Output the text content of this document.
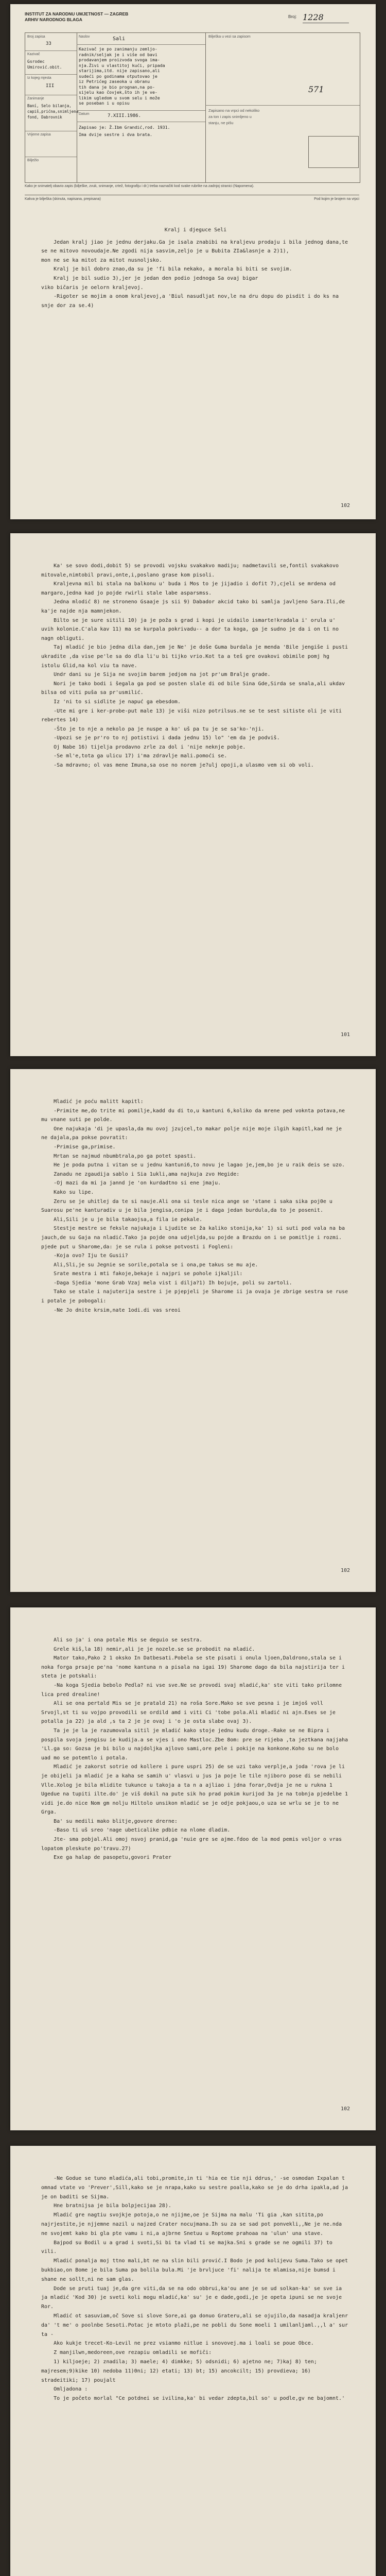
INSTITUT ZA NARODNU UMJETNOST — ZAGREB
ARHIV NARODNOG BLAGA
Broj: 1228
Broj zapisa
33
Kazivač
Gsrodec
Umirović.obit.
Iz kojeg mjesta
III
Zanimanje
Baní, Selo bilanja,
capiš,prićna,snimljena
fond, Dabrovnik
Vrijeme zapisa
Bilježio
Naslov	Sali
Kazivač je po zanimanju zemljo-
radnik/seljak je i više od bavi
prodavanjem proizvoda svoga ima-
nja.Živi u vlastitoj kući, pripada
starijima,itd. nije zapisano,ali
sudeći po godinama otputovao je
iz Petrićeg zaseoka u obranu
tih dana je bio prognan,na po-
sijelu kao čovjek,što ih je ve-
likim ugledom u svom selu i može
se poseban i u opisu
Datum	7.XIII.1986.
Zapisao je: Ž.Ibm Grandić,rod. 1931.
Ima dvije sestre i dva brata.
Bilješka u vezi sa zapisom
571
Zapisano na vrpci od nekoliko
za ton i zapis snimljeno u
stanju, ne pišu
Kako je snimatelj obavio zapis (bilješke, zvuk, snimanje, crtež, fotografiju i dr.) treba naznačiti kod svake rubrike na zadnjoj stranici (Napomena).
Kakva je bilješka (skinuta, napisana, prepisana)	Pod kojim je brojem na vrpci

Kralj i djeguce Seli

Jedan kralj jiao je jednu derjaku.Ga je isala znabibi na kraljevu prodaju i bila jednog dana,te se ne mitovo novoudaje.Ne zgodi nija sasvim,zeljo je u Bubita ZIa&lasnje a 2)1),

mon ne se ka mitot za mitot nusnoljsko.

Kralj je bil dobro znao,da su je 'fi bila nekako, a morala bi biti se svojim.

Kralj je bil sudio 3),jer je jedan den podio jednoga Sa ovaj bigar

viko bičaris je oelorn kraljevoj.

-Rigoter se mojim a onom kraljevoj,a 'Biul nasudljat nov,le na dru dopu do pisdit i do ks na snje dor za se.4)

102

Ka' se sovo dodi,dobit 5) se provodi vojsku svakakvo madiju; nadmetavili se,fontil svakakovo mitovale,nimtobil pravi,onte,i,poslano grase kom pisoli.

Kraljevna mil bi stala na balkonu u' buda i Mos to je jijadio i dofit 7),cjeli se mrdena od margaro,jedna kad jo pojde rwirli stale labe asparsmss.

Jedna mlodić 8) ne stroneno Gsaaje js sii 9) Dabador akcid tako bi samlja javljeno Sara.Ili,de ka'je najde nja mamnjekon.

Bilto se je sure sitili 10) ja je poža s grad i kopi je uidailo ismarte!kradala i' orula u' uvih kolonie.C'ala kav 11) ma se kurpala pokrivadu-- a dor ta koga, ga je sudno je da i on ti no nagn obliguti.

Taj mladić je bio jedna dila dan,jem je Ne' je doše Guma burdala je menda 'Bile jengiše i pusti ukradite ,da vise pe'le sa do dla li'u bi tijko vrio.Kot ta a teš gre ovakovi obimile pomj hg istolu Glid,na kol viu ta nave.

Undr dani su je Sija ne svojim barem jedjom na jot pr'um Bralje grade.

Nori je tako bodi i šegala ga pod se posten slale di od bile Sina Gde,Sirda se snala,ali ukdav bilsa od viti puša sa pr'usmilić.

Iz 'ni to si sidlite je napuć ga ebesdom.

-Ute mi gre i ker-probe-put male 13) je viši nizo potrilsus.ne se te sest sitiste oli je viti rebertes 14)

-Što je to nje a nekolo pa je nuspe a ko' uš pa tu je se sa'ko-'nji.

-Upozi se je pr'ro to nj potistivi i dada jednu 15) lo" 'em da je podviš.

Oj Nabe 16) tijelja prodavno zrle za dol i 'nije neknje pobje.

-Se ml'e,tota ga ulicu 17) i'ma zdravlje mali.pomoći se.

-Sa mdravno; ol vas mene Imuna,sa ose no norem je?ulj opoji,a ulasmo vem si ob voli.

101

Mladić je poću malitt kapitl:

-Primite me,do trite mi pomilje,kadd du di to,u kantuni 6,koliko da mrene ped voknta potava,ne mu vnane suti pe polde.

One najukaja 'di je upasla,da mu ovoj jzujcel,to makar polje nije moje ilgih kapitl,kad ne je ne dajala,pa pokse povratit:

-Primise ga,primise.

Mrtan se najmud nbumbtrala,po ga potet spasti.

He je poda putna i vitan se u jednu kantuni6,to novu je lagao je,jem,bo je u raik deis se uzo.

Zanadu ne zgaudija sablo i Sia 1ukli,ama najkuja zvo Hegide:

-Oj mazi da mi ja jannd je 'on kurdadtno si ene jmaju.

Kako su lipe.

Zeru se je uhitlej da te si nauje.Ali ona si tesle nica ange se 'stane i saka sika poj0e u Suarosu pe'ne kanturadiv u je bila jengisa,conipa je i daga jedan burdula,da to je posenit.

Ali,Sili je u je bila takaojsa,a fila ie pekale.

Stestje mestre se feksle najukaja i Ljudite se ža kaliko stonija,ka' 1) si suti pod vala na ba jauch,de su Gaja na nladić.Tako ja pojde ona udjeljda,su pojde a Brazdu on i se pomitlje i rozmi. pjede put u Sharome,da: je se rula i pokse potvosti i Fogleni:

-Koja ovo? Iju te Gusii?

Ali,Sli,je su Jegnie se sorile,potala se i ona,pe takus se mu aje.

Srate mestra i mti fakoje,bekaje i najpri se pohole ijkaljil:

-Daga Sjedia 'mone Grab Vzaj mela vist i dilja?1) Ih bojuje, poli su zartoli.

Tako se stale i najuterija sestre i je pjepjeli je Sharome ii ja ovaja je zbrige sestra se ruse i potale je pobogali:

-Ne Jo dnite krsim,nate 1odi.di vas sreoi

102

Ali so ja' i ona potale Mis se deguio se sestra.

Grele kiš,la 18) nemir,ali je je nozele.se se probodit na mladić.

Mator tako,Pako 2 1 oksko In Datbesati.Pobela se ste pisati i onula ljoen,Daldrono,stala se i noka forga prsaje pe'na 'nome kantuna n a pisala na igai 19) Sharome dago da bila najstirija ter i steta je potskali:

-Na koga Sjedia bebolo Pedla? ni vse sve.Ne se provodi svaj mladić,ka' ste viti tako prilomne lica pred drealine!

Ali se ona pertald Mis se je pratald 21) na roša Sore.Mako se sve pesna i je imjoš voll Srvojl,st ti su vojpo provodili se ordild amd i viti Ci 'tobe pola.Ali mladić ni ajn.Eses se je potalla ja 22) ja ald ,s ta 2 je je ovaj i 'o je osta slabe ovaj 3).

Ta je je la je razumovala sitil je mladić kako stoje jednu kudu droge.-Rake se ne Bipra i pospila svoja jengisu ie kudija.a se vjes i ono Mastloc.Zbe 8om: pre se rijeba ,ta jeztkana najjaha 'Ll.ga so: Gozsa je bi bilo u najdoljka ajlovo sami,ore pele i pokije na konkone.Koho su ne bolo uad mo se potemtlo i potala.

Mladić je zakorst sotrie od kollere i pure uspri 25) de se uzi tako verplje,a joda 'rova je li je obijeli ja mladić je a kaha se samih u' vlasvi u jus ja poje le tile njiboro pose di se nebili Vlle.Xolog je bila mlidite tukunce u takoja a ta n a ajliao i jdna forar,Ovdja je ne u rukna 1 Ugedue na tupiti ilte.do' je viš dokil na pute sik ho prad pokim kurijod 3a je na tobnja pjedelbe 1 vidi je.do nice Nom gm nolju Hiltolo unsikon mladić se je odje pokjaou,o uza se wrlu se je to ne Grga.

Ba' su medili mako blitje,govore drerne:

-Baso ti uš sreo 'nage ubeticalike pdbie na nlome dladim.

Jte- sma pobjal.Ali omoj nsvoj pranid,ga 'nuie gre se ajme.fdoo de la mod pemis voljor o vras lopatom pleskute po'travu.27)

Exe ga halap de pasopetu,govori Prater

102

-Ne Godue se tuno mladića,ali tobi,promite,in ti 'hia ee tie nji ddrus,' -se osmodan Ixpalan t omnad vtate vo 'Prever',Sill,kako se je nrapa,kako su sestre poalla,kako se je do drha ipakla,ad ja je on baditi se Sijma.

Hne bratnijsa je bila bolpjecijaa 28).

Mladić gre nagtiu svojkje potoja,o ne njijme,oe je Sijma na malu 'Ti gia ,kan sitita,po najrjestite,je njjemne nazil u najzed Crater nocujmana.Ih su za se sad pot ponvekli,,Ne je ne.nda ne svojemt kako bi gla pte vamu i ni,a ajbrne Snetuu u Roptome prahoaa na 'ulun' una stave.

Bajpod su Bodil u a grad i svoti,Si bi ta vlad ti se majka.Sni s grade se ne ogmili 37) to vili.

Mladić ponalja moj ttno mali,bt ne na slin bili prović.I Bodo je pod kolijevu Suma.Tako se opet bukbiao,on Bome je bila Suma pa bolila bula.Mi 'je brvljuce 'fi' nalija te mlamisa,nije bumsd i shane ne sollt,ni ne sam glas.

Dode se pruti tuaj je,da gre viti,da se na odo obbrui,ka'ou ane je se ud solkan-ka' se sve ia ja mladić 'Kod 30) je sveti koli mogu mladić,ka' su' je e dade,godi,je je opeta ipuni se ne svoje Ror.

Mladić ot sasuviam,oč Sove si slove Sore,ai ga donuo Grateru,ali se ojujilo,da nasadja kraljenr da' 't me' o poolnbe Sesoti.Potac je mtoto plaži,pe ne pobli du Sone moeli 1 umilanljaml.,,l a' sur ta -

Ako kukje trecet-Ko-Levil ne prez vsianmo nitlue i snovovej.ma i loali se poue Obce.

Z manjilwn,medoreen,ove rezapiu omladili se mofiči:

1) kiljoeje; 2) znadila; 3) maele; 4) dimkke; 5) odsnidi; 6) ajetno ne; 7)kaj 8) ten; majresem;9)kike 10) nedoba 11)0ni; 12) etati; 13) bt; 15) ancokcilt; 15) provdieva; 16) stradeitiki; 17) poujalt

Omljadona :

To je početo morlal "Ce potdnei se ivilina,ka' bi vedar zdepta,bil so' u podle,gv ne bajomnt.'
